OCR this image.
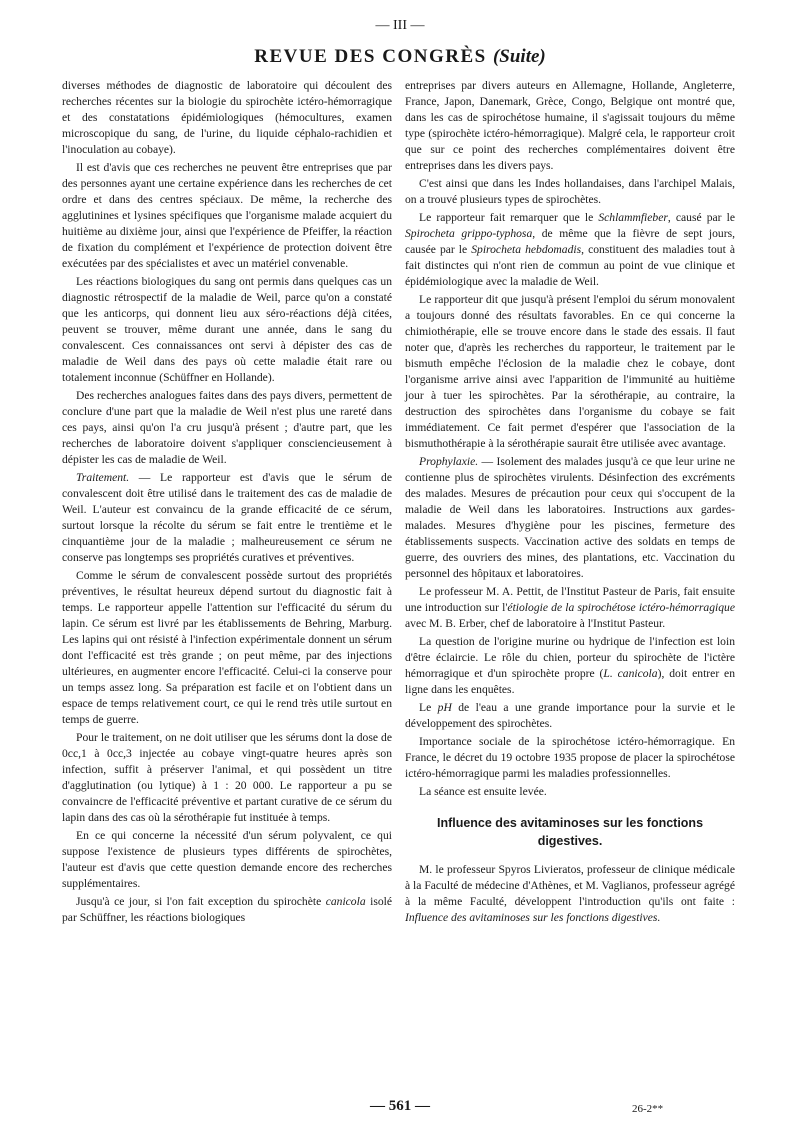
— III —
REVUE DES CONGRÈS (Suite)

diverses méthodes de diagnostic de laboratoire qui découlent des recherches récentes sur la biologie du spirochète ictéro-hémorragique et des constatations épidémiologiques (hémocultures, examen microscopique du sang, de l'urine, du liquide céphalo-rachidien et l'inoculation au cobaye).

Il est d'avis que ces recherches ne peuvent être entreprises que par des personnes ayant une certaine expérience dans les recherches de cet ordre et dans des centres spéciaux. De même, la recherche des agglutinines et lysines spécifiques que l'organisme malade acquiert du huitième au dixième jour, ainsi que l'expérience de Pfeiffer, la réaction de fixation du complément et l'expérience de protection doivent être exécutées par des spécialistes et avec un matériel convenable.

Les réactions biologiques du sang ont permis dans quelques cas un diagnostic rétrospectif de la maladie de Weil, parce qu'on a constaté que les anticorps, qui donnent lieu aux séro-réactions déjà citées, peuvent se trouver, même durant une année, dans le sang du convalescent. Ces connaissances ont servi à dépister des cas de maladie de Weil dans des pays où cette maladie était rare ou totalement inconnue (Schüffner en Hollande).

Des recherches analogues faites dans des pays divers, permettent de conclure d'une part que la maladie de Weil n'est plus une rareté dans ces pays, ainsi qu'on l'a cru jusqu'à présent ; d'autre part, que les recherches de laboratoire doivent s'appliquer consciencieusement à dépister les cas de maladie de Weil.

Traitement. — Le rapporteur est d'avis que le sérum de convalescent doit être utilisé dans le traitement des cas de maladie de Weil. L'auteur est convaincu de la grande efficacité de ce sérum, surtout lorsque la récolte du sérum se fait entre le trentième et le cinquantième jour de la maladie ; malheureusement ce sérum ne conserve pas longtemps ses propriétés curatives et préventives.

Comme le sérum de convalescent possède surtout des propriétés préventives, le résultat heureux dépend surtout du diagnostic fait à temps. Le rapporteur appelle l'attention sur l'efficacité du sérum du lapin. Ce sérum est livré par les établissements de Behring, Marburg. Les lapins qui ont résisté à l'infection expérimentale donnent un sérum dont l'efficacité est très grande ; on peut même, par des injections ultérieures, en augmenter encore l'efficacité. Celui-ci la conserve pour un temps assez long. Sa préparation est facile et on l'obtient dans un espace de temps relativement court, ce qui le rend très utile surtout en temps de guerre.

Pour le traitement, on ne doit utiliser que les sérums dont la dose de 0cc,1 à 0cc,3 injectée au cobaye vingt-quatre heures après son infection, suffit à préserver l'animal, et qui possèdent un titre d'agglutination (ou lytique) à 1 : 20 000. Le rapporteur a pu se convaincre de l'efficacité préventive et partant curative de ce sérum du lapin dans des cas où la sérothérapie fut instituée à temps.

En ce qui concerne la nécessité d'un sérum polyvalent, ce qui suppose l'existence de plusieurs types différents de spirochètes, l'auteur est d'avis que cette question demande encore des recherches supplémentaires.

Jusqu'à ce jour, si l'on fait exception du spirochète canicola isolé par Schüffner, les réactions biologiques

entreprises par divers auteurs en Allemagne, Hollande, Angleterre, France, Japon, Danemark, Grèce, Congo, Belgique ont montré que, dans les cas de spirochétose humaine, il s'agissait toujours du même type (spirochète ictéro-hémorragique). Malgré cela, le rapporteur croit que sur ce point des recherches complémentaires doivent être entreprises dans les divers pays.

C'est ainsi que dans les Indes hollandaises, dans l'archipel Malais, on a trouvé plusieurs types de spirochètes.

Le rapporteur fait remarquer que le Schlammfieber, causé par le Spirocheta grippo-typhosa, de même que la fièvre de sept jours, causée par le Spirocheta hebdomadis, constituent des maladies tout à fait distinctes qui n'ont rien de commun au point de vue clinique et épidémiologique avec la maladie de Weil.

Le rapporteur dit que jusqu'à présent l'emploi du sérum monovalent a toujours donné des résultats favorables. En ce qui concerne la chimiothérapie, elle se trouve encore dans le stade des essais. Il faut noter que, d'après les recherches du rapporteur, le traitement par le bismuth empêche l'éclosion de la maladie chez le cobaye, dont l'organisme arrive ainsi avec l'apparition de l'immunité au huitième jour à tuer les spirochètes. Par la sérothérapie, au contraire, la destruction des spirochètes dans l'organisme du cobaye se fait immédiatement. Ce fait permet d'espérer que l'association de la bismuthothérapie à la sérothérapie saurait être utilisée avec avantage.

Prophylaxie. — Isolement des malades jusqu'à ce que leur urine ne contienne plus de spirochètes virulents. Désinfection des excréments des malades. Mesures de précaution pour ceux qui s'occupent de la maladie de Weil dans les laboratoires. Instructions aux gardes-malades. Mesures d'hygiène pour les piscines, fermeture des établissements suspects. Vaccination active des soldats en temps de guerre, des ouvriers des mines, des plantations, etc. Vaccination du personnel des hôpitaux et laboratoires.

Le professeur M. A. Pettit, de l'Institut Pasteur de Paris, fait ensuite une introduction sur l'étiologie de la spirochétose ictéro-hémorragique avec M. B. Erber, chef de laboratoire à l'Institut Pasteur.

La question de l'origine murine ou hydrique de l'infection est loin d'être éclaircie. Le rôle du chien, porteur du spirochète de l'ictère hémorragique et d'un spirochète propre (L. canicola), doit entrer en ligne dans les enquêtes.

Le pH de l'eau a une grande importance pour la survie et le développement des spirochètes.

Importance sociale de la spirochétose ictéro-hémorragique. En France, le décret du 19 octobre 1935 propose de placer la spirochétose ictéro-hémorragique parmi les maladies professionnelles.

La séance est ensuite levée.

Influence des avitaminoses sur les fonctions digestives.

M. le professeur Spyros Livieratos, professeur de clinique médicale à la Faculté de médecine d'Athènes, et M. Vaglianos, professeur agrégé à la même Faculté, développent l'introduction qu'ils ont faite : Influence des avitaminoses sur les fonctions digestives.

— 561 —	26-2**
